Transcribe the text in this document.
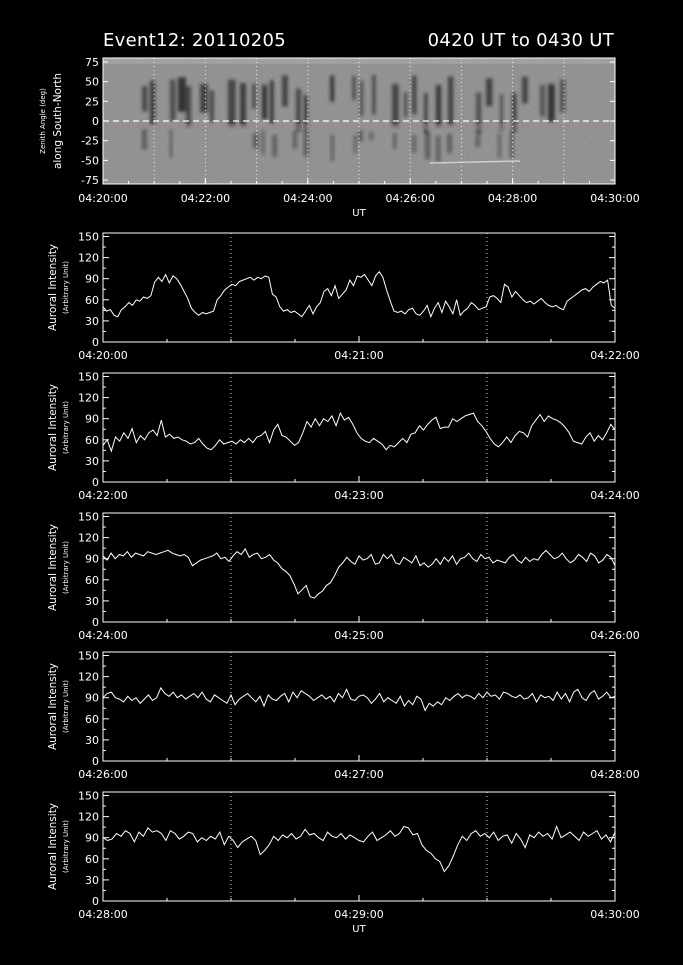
Event12: 20110205	0420 UT to 0430 UT
75
50
25
0
-25
-50
-75
04:20:00	04:22:00	04:24:00	04:26:00	04:28:00	04:30:00
Zenith Angle (deg) along South-North
UT
150
120
90
60
30
0
04:20:00	04:21:00	04:22:00
Auroral Intensity (Arbitrary Unit)
150
120
90
60
30
0
04:22:00	04:23:00	04:24:00
Auroral Intensity (Arbitrary Unit)
150
120
90
60
30
0
04:24:00	04:25:00	04:26:00
Auroral Intensity (Arbitrary Unit)
150
120
90
60
30
0
04:26:00	04:27:00	04:28:00
Auroral Intensity (Arbitrary Unit)
150
120
90
60
30
0
04:28:00	04:29:00	04:30:00
Auroral Intensity (Arbitrary Unit)
UT
